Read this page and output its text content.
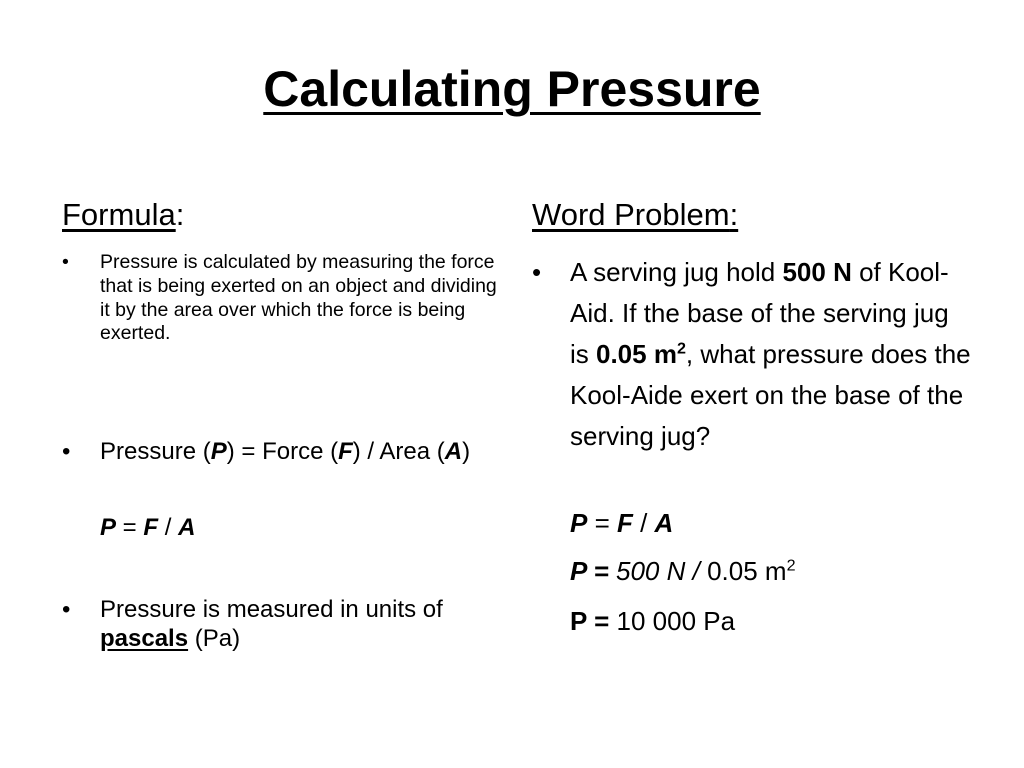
Calculating Pressure
Formula:
• Pressure is calculated by measuring the force that is being exerted on an object and dividing it by the area over which the force is being exerted.
• Pressure (P) = Force (F) / Area (A)
P = F / A
• Pressure is measured in units of pascals (Pa)
Word Problem:
• A serving jug hold 500 N of Kool-Aid. If the base of the serving jug is 0.05 $m^2$, what pressure does the Kool-Aide exert on the base of the serving jug?
P = F / A
P = 500 N / 0.05 $m^2$
P = 10 000 Pa
